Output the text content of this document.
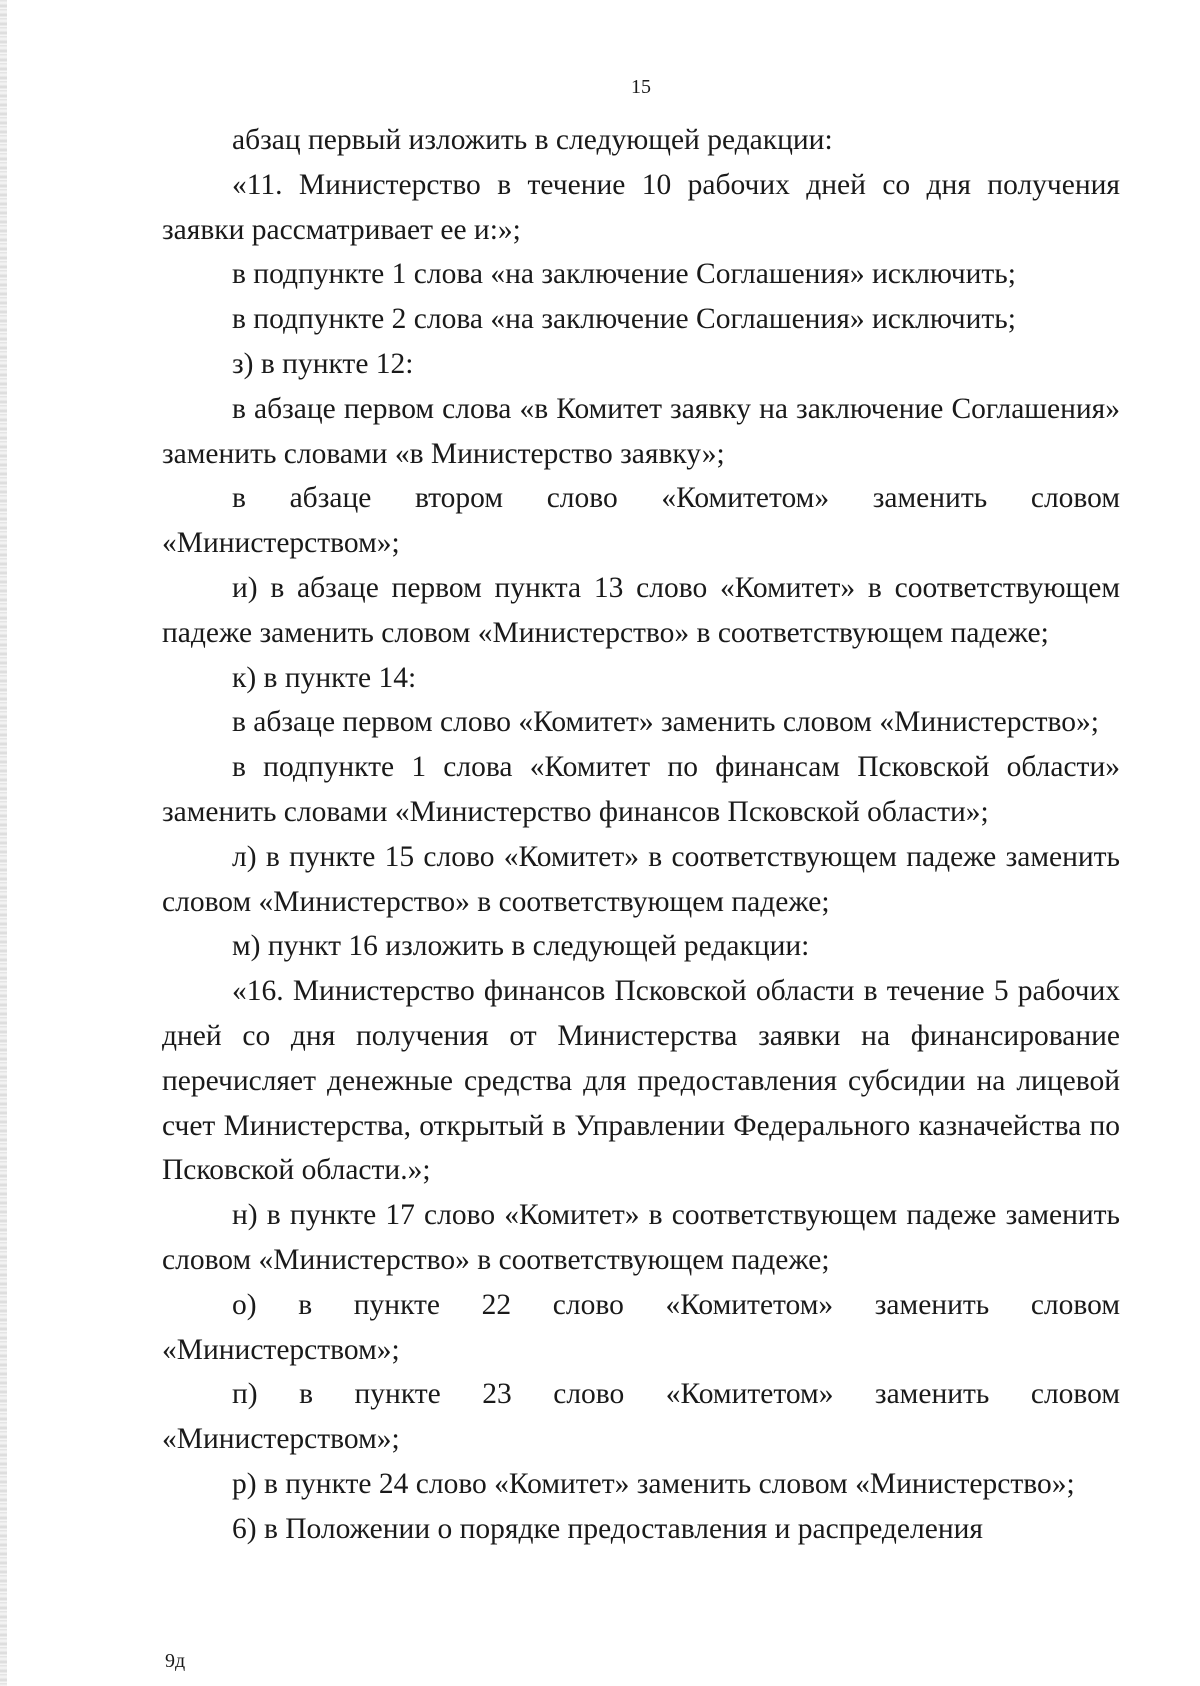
15

абзац первый изложить в следующей редакции:

«11. Министерство в течение 10 рабочих дней со дня получения заявки рассматривает ее и:»;

в подпункте 1 слова «на заключение Соглашения» исключить;

в подпункте 2 слова «на заключение Соглашения» исключить;

з) в пункте 12:

в абзаце первом слова «в Комитет заявку на заключение Соглашения» заменить словами «в Министерство заявку»;

в абзаце втором слово «Комитетом» заменить словом «Министерством»;

и) в абзаце первом пункта 13 слово «Комитет» в соответствующем падеже заменить словом «Министерство» в соответствующем падеже;

к) в пункте 14:

в абзаце первом слово «Комитет» заменить словом «Министерство»;

в подпункте 1 слова «Комитет по финансам Псковской области» заменить словами «Министерство финансов Псковской области»;

л) в пункте 15 слово «Комитет» в соответствующем падеже заменить словом «Министерство» в соответствующем падеже;

м) пункт 16 изложить в следующей редакции:

«16. Министерство финансов Псковской области в течение 5 рабочих дней со дня получения от Министерства заявки на финансирование перечисляет денежные средства для предоставления субсидии на лицевой счет Министерства, открытый в Управлении Федерального казначейства по Псковской области.»;

н) в пункте 17 слово «Комитет» в соответствующем падеже заменить словом «Министерство» в соответствующем падеже;

о) в пункте 22 слово «Комитетом» заменить словом «Министерством»;

п) в пункте 23 слово «Комитетом» заменить словом «Министерством»;

р) в пункте 24 слово «Комитет» заменить словом «Министерство»;

6) в Положении о порядке предоставления и распределения

9д
